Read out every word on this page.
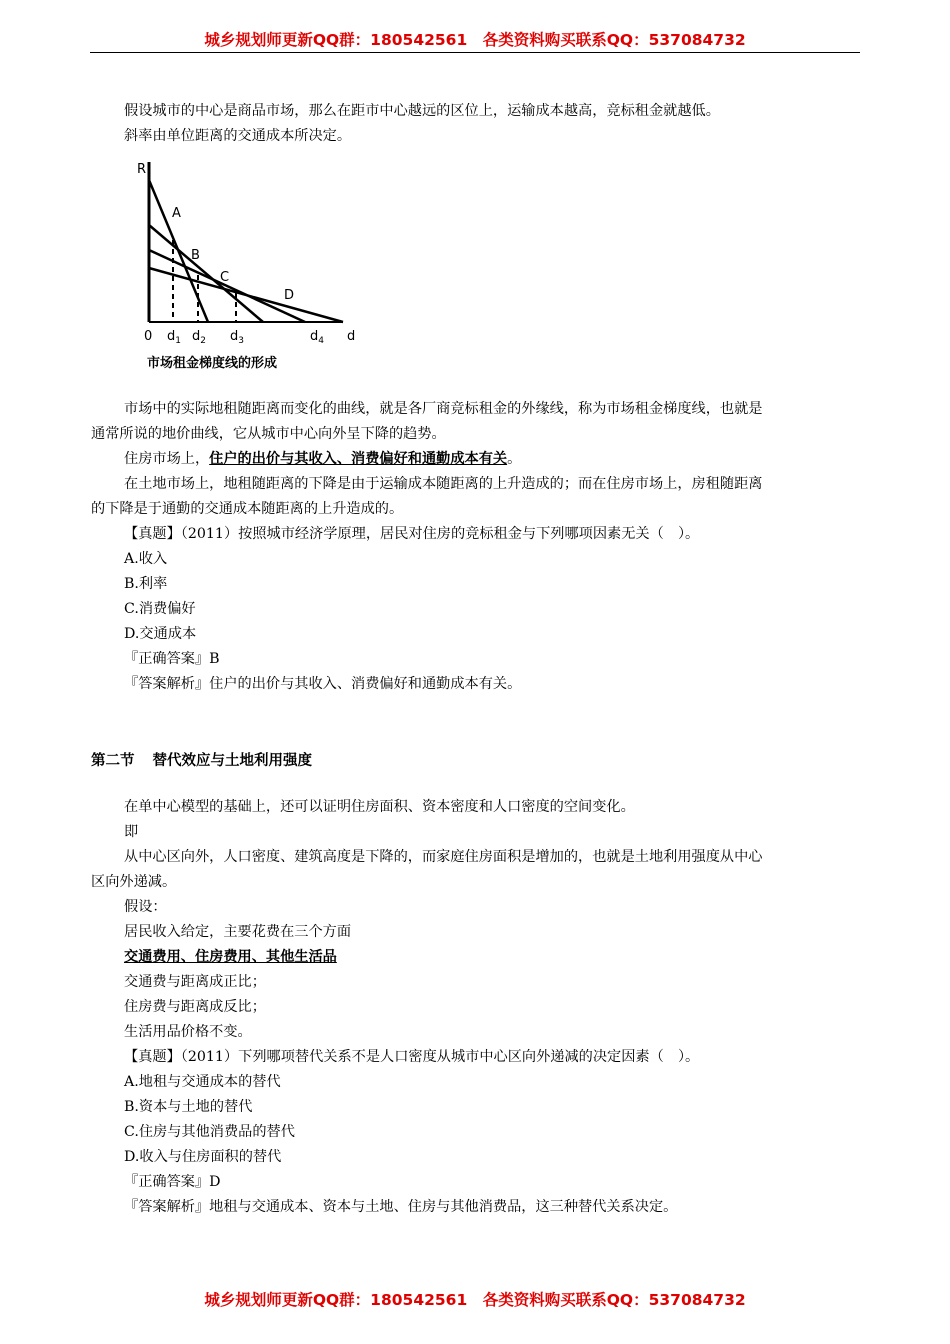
城乡规划师更新QQ群：180542561　各类资料购买联系QQ：537084732
假设城市的中心是商品市场，那么在距市中心越远的区位上，运输成本越高，竞标租金就越低。
斜率由单位距离的交通成本所决定。
R
A
B
C
D
0 $d_1$ $d_2$ $d_3$	$d_4$ d
市场租金梯度线的形成
市场中的实际地租随距离而变化的曲线，就是各厂商竞标租金的外缘线，称为市场租金梯度线，也就是
通常所说的地价曲线，它从城市中心向外呈下降的趋势。
住房市场上，住户的出价与其收入、消费偏好和通勤成本有关。
在土地市场上，地租随距离的下降是由于运输成本随距离的上升造成的；而在住房市场上，房租随距离
的下降是于通勤的交通成本随距离的上升造成的。
【真题】（2011）按照城市经济学原理，居民对住房的竞标租金与下列哪项因素无关（　）。
A.收入
B.利率
C.消费偏好
D.交通成本
『正确答案』B
『答案解析』住户的出价与其收入、消费偏好和通勤成本有关。
第二节 替代效应与土地利用强度
在单中心模型的基础上，还可以证明住房面积、资本密度和人口密度的空间变化。
即
从中心区向外，人口密度、建筑高度是下降的，而家庭住房面积是增加的，也就是土地利用强度从中心
区向外递减。
假设：
居民收入给定，主要花费在三个方面
交通费用、住房费用、其他生活品
交通费与距离成正比；
住房费与距离成反比；
生活用品价格不变。
【真题】（2011）下列哪项替代关系不是人口密度从城市中心区向外递减的决定因素（　）。
A.地租与交通成本的替代
B.资本与土地的替代
C.住房与其他消费品的替代
D.收入与住房面积的替代
『正确答案』D
『答案解析』地租与交通成本、资本与土地、住房与其他消费品，这三种替代关系决定。
城乡规划师更新QQ群：180542561　各类资料购买联系QQ：537084732
